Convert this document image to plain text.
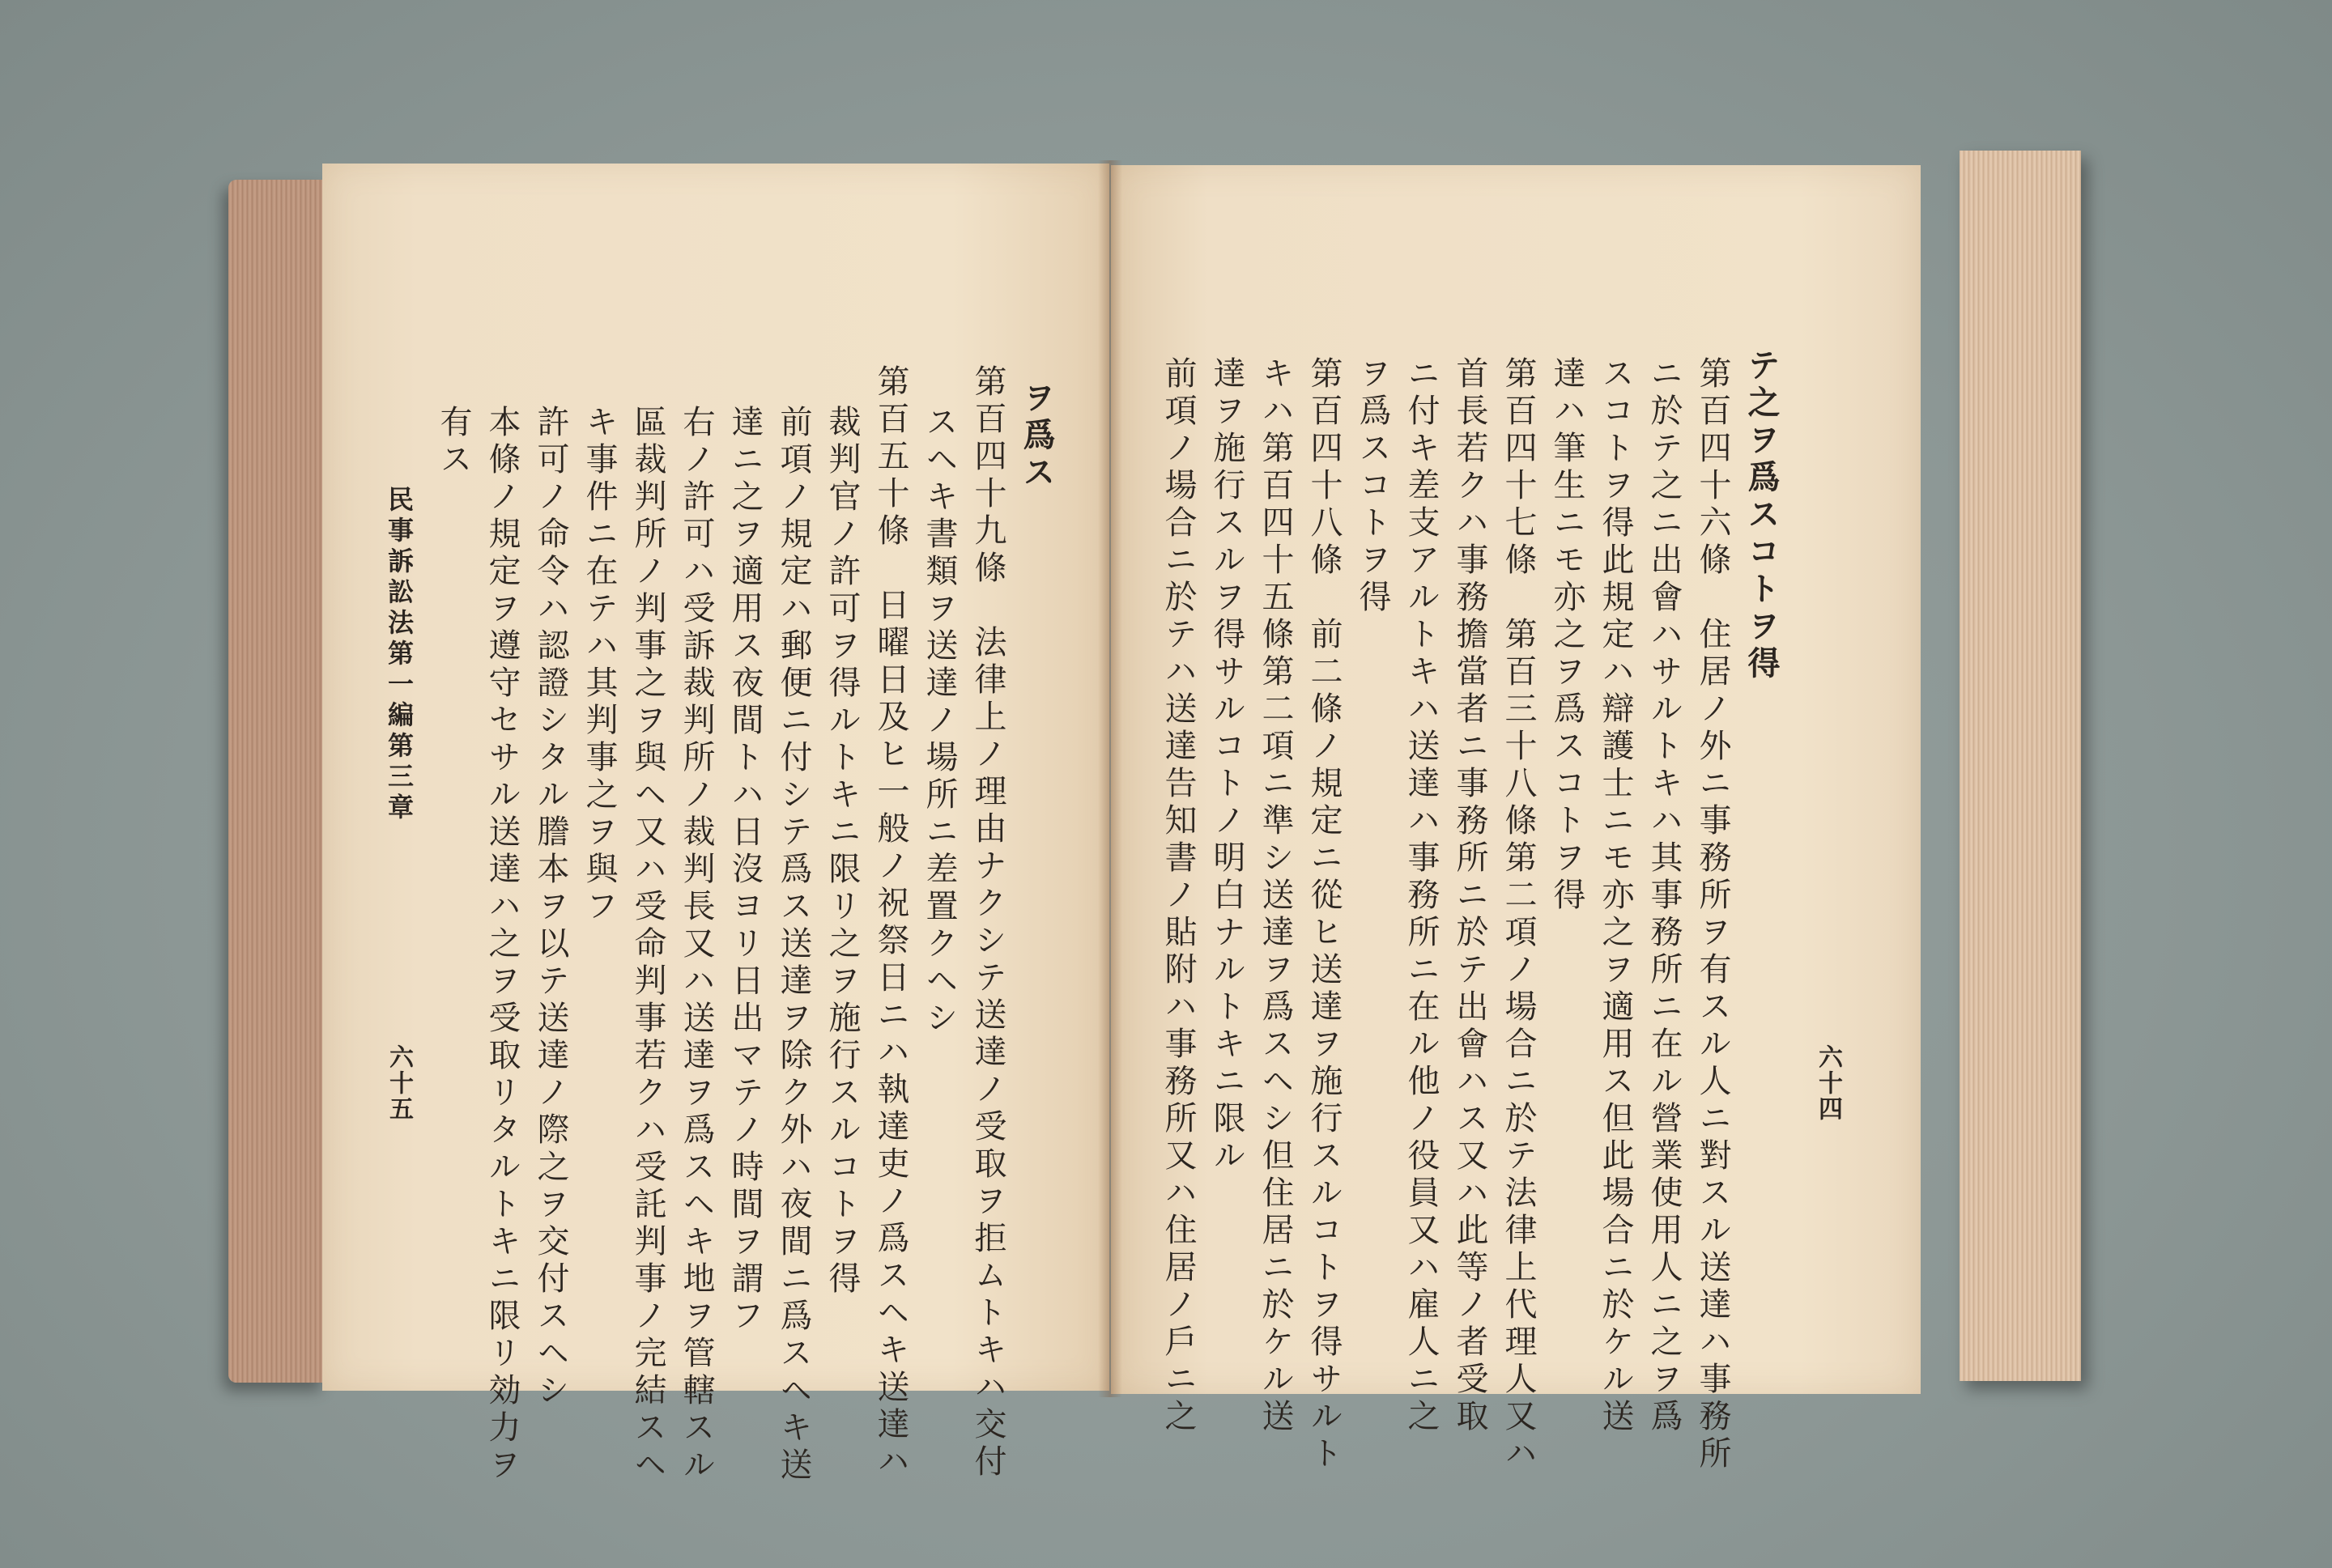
ヲ爲ス
第百四十九條　法律上ノ理由ナクシテ送達ノ受取ヲ拒ムトキハ交付
スヘキ書類ヲ送達ノ場所ニ差置クヘシ
第百五十條　日曜日及ヒ一般ノ祝祭日ニハ執達吏ノ爲スヘキ送達ハ
裁判官ノ許可ヲ得ルトキニ限リ之ヲ施行スルコトヲ得
前項ノ規定ハ郵便ニ付シテ爲ス送達ヲ除ク外ハ夜間ニ爲スヘキ送
達ニ之ヲ適用ス夜間トハ日沒ヨリ日出マテノ時間ヲ謂フ
右ノ許可ハ受訴裁判所ノ裁判長又ハ送達ヲ爲スヘキ地ヲ管轄スル
區裁判所ノ判事之ヲ與ヘ又ハ受命判事若クハ受託判事ノ完結スヘ
キ事件ニ在テハ其判事之ヲ與フ
許可ノ命令ハ認證シタル謄本ヲ以テ送達ノ際之ヲ交付スヘシ
本條ノ規定ヲ遵守セサル送達ハ之ヲ受取リタルトキニ限リ効力ヲ
有ス
民事訴訟法第一編第三章
六十五
テ之ヲ爲スコトヲ得
第百四十六條　住居ノ外ニ事務所ヲ有スル人ニ對スル送達ハ事務所
ニ於テ之ニ出會ハサルトキハ其事務所ニ在ル營業使用人ニ之ヲ爲
スコトヲ得此規定ハ辯護士ニモ亦之ヲ適用ス但此場合ニ於ケル送
達ハ筆生ニモ亦之ヲ爲スコトヲ得
第百四十七條　第百三十八條第二項ノ場合ニ於テ法律上代理人又ハ
首長若クハ事務擔當者ニ事務所ニ於テ出會ハス又ハ此等ノ者受取
ニ付キ差支アルトキハ送達ハ事務所ニ在ル他ノ役員又ハ雇人ニ之
ヲ爲スコトヲ得
第百四十八條　前二條ノ規定ニ從ヒ送達ヲ施行スルコトヲ得サルト
キハ第百四十五條第二項ニ準シ送達ヲ爲スヘシ但住居ニ於ケル送
達ヲ施行スルヲ得サルコトノ明白ナルトキニ限ル
前項ノ場合ニ於テハ送達告知書ノ貼附ハ事務所又ハ住居ノ戶ニ之	六十四
